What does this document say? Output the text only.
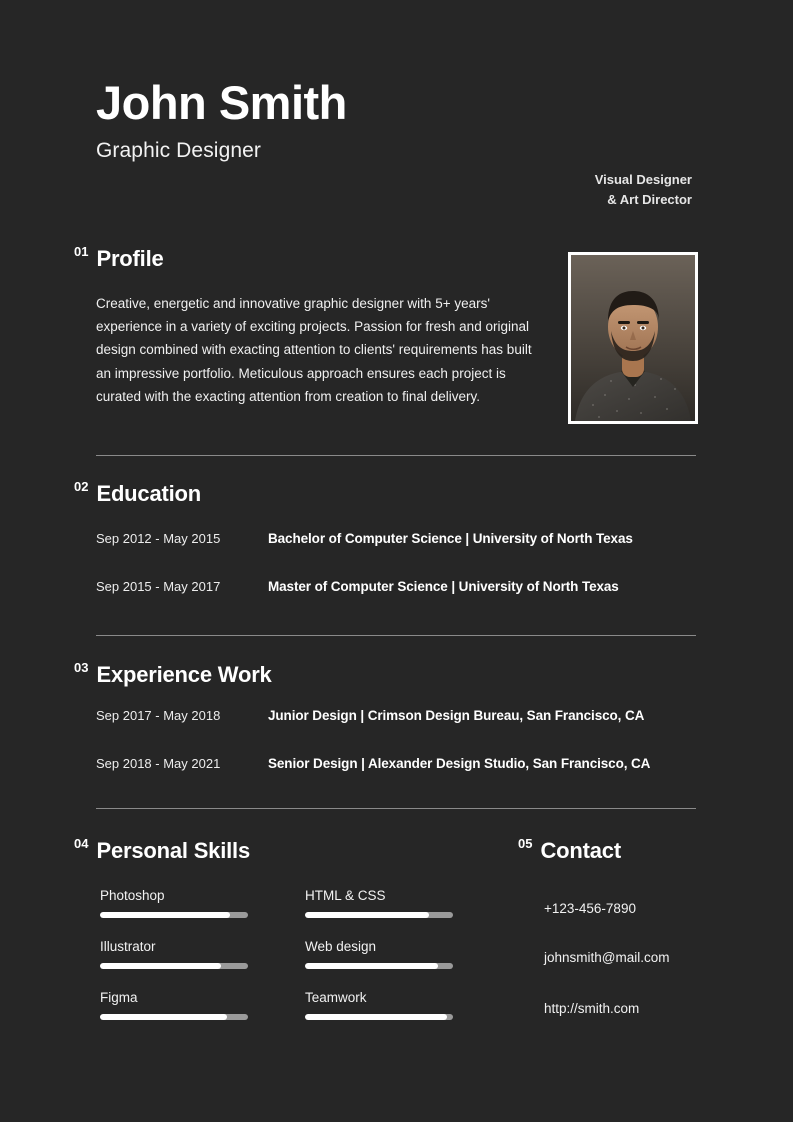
John Smith
Graphic Designer
Visual Designer
& Art Director
01 Profile
Creative, energetic and innovative graphic designer with 5+ years' experience in a variety of exciting projects. Passion for fresh and original design combined with exacting attention to clients' requirements has built an impressive portfolio. Meticulous approach ensures each project is curated with the exacting attention from creation to final delivery.
02 Education
Sep 2012 - May 2015	Bachelor of Computer Science | University of North Texas
Sep 2015 - May 2017	Master of Computer Science | University of North Texas
03 Experience Work
Sep 2017 - May 2018	Junior Design | Crimson Design Bureau, San Francisco, CA
Sep 2018 - May 2021	Senior Design | Alexander Design Studio, San Francisco, CA
04 Personal Skills
Photoshop
Illustrator
Figma
HTML & CSS
Web design
Teamwork
05 Contact
+123-456-7890
johnsmith@mail.com
http://smith.com
